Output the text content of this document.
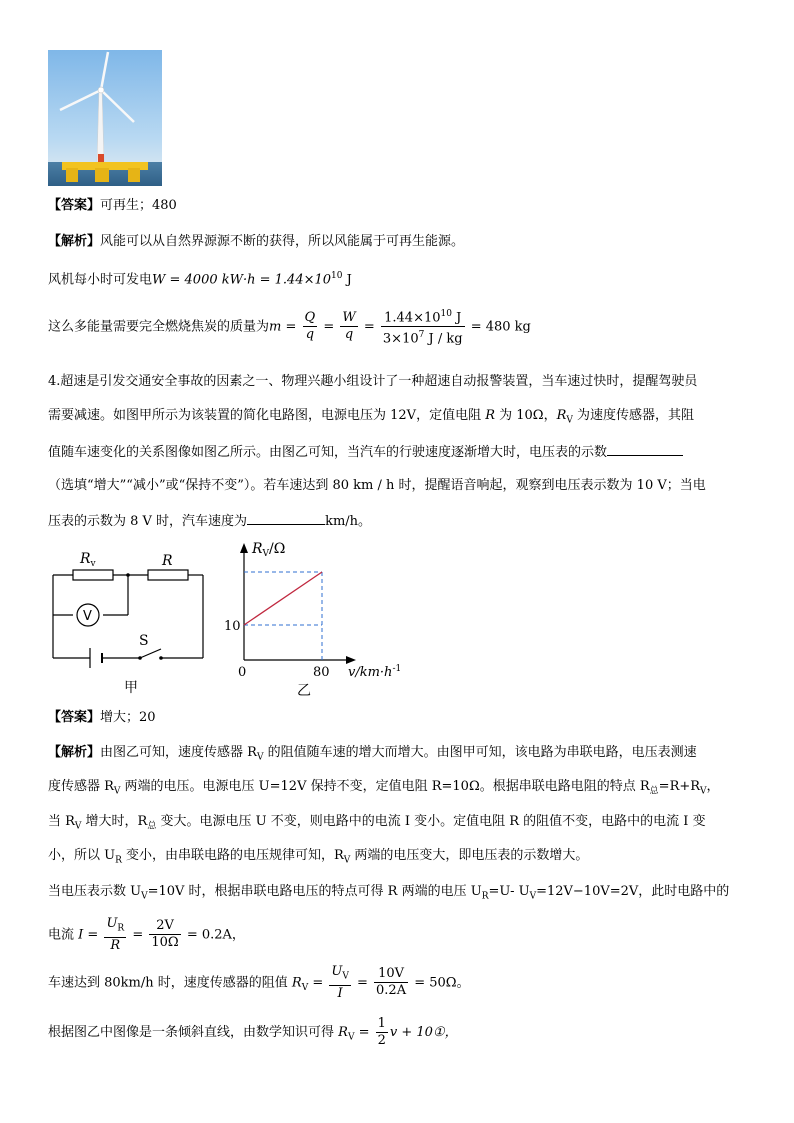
【答案】可再生；480
【解析】风能可以从自然界源源不断的获得，所以风能属于可再生能源。
风机每小时可发电W = 4000 $kW\cdot h = 1.44\times 10^{10}$ J
这么多能量需要完全燃烧焦炭的质量为$m = \frac{Q}{q} = \frac{W}{q} = \frac{1.44\times 10^{10} J}{3\times 10^7 J / kg} = 480$ kg
4.超速是引发交通安全事故的因素之一、物理兴趣小组设计了一种超速自动报警装置，当车速过快时，提醒驾驶员
需要减速。如图甲所示为该装置的简化电路图，电源电压为 12V，定值电阻 R 为 10Ω，$R_V$ 为速度传感器，其阻
值随车速变化的关系图像如图乙所示。由图乙可知，当汽车的行驶速度逐渐增大时，电压表的示数
（选填“增大”“减小”或“保持不变”）。若车速达到 80 km / h 时，提醒语音响起，观察到电压表示数为 10 V；当电
压表的示数为 8 V 时，汽车速度为	km/h。
$R_v$	R
V
S
甲
$R_V/\Omega$
10
0	80 $v/km\cdot h^{-1}$
乙
【答案】增大；20
【解析】由图乙可知，速度传感器 $R_V$ 的阻值随车速的增大而增大。由图甲可知，该电路为串联电路，电压表测速
度传感器 $R_V$ 两端的电压。电源电压 U=12V 保持不变，定值电阻 R=10Ω。根据串联电路电阻的特点 $R_总=R+R_V$，
当 $R_V$ 增大时，$R_总$ 变大。电源电压 U 不变，则电路中的电流 I 变小。定值电阻 R 的阻值不变，电路中的电流 I 变
小，所以 $U_R$ 变小，由串联电路的电压规律可知，$R_V$ 两端的电压变大，即电压表的示数增大。
当电压表示数 $U_V=10V$ 时，根据串联电路电压的特点可得 R 两端的电压 $U_R=U-$ $U_V=12V-10V=2V$，此时电路中的
电流 $I = \frac{U_R}{R} = \frac{2V}{10\Omega} = 0.2A$，
车速达到 80km/h 时，速度传感器的阻值 $R_V = \frac{U_V}{I} = \frac{10V}{0.2A} = 50\Omega$。
根据图乙中图像是一条倾斜直线，由数学知识可得 $R_V = \frac{1}{2}$ v + 10①，
